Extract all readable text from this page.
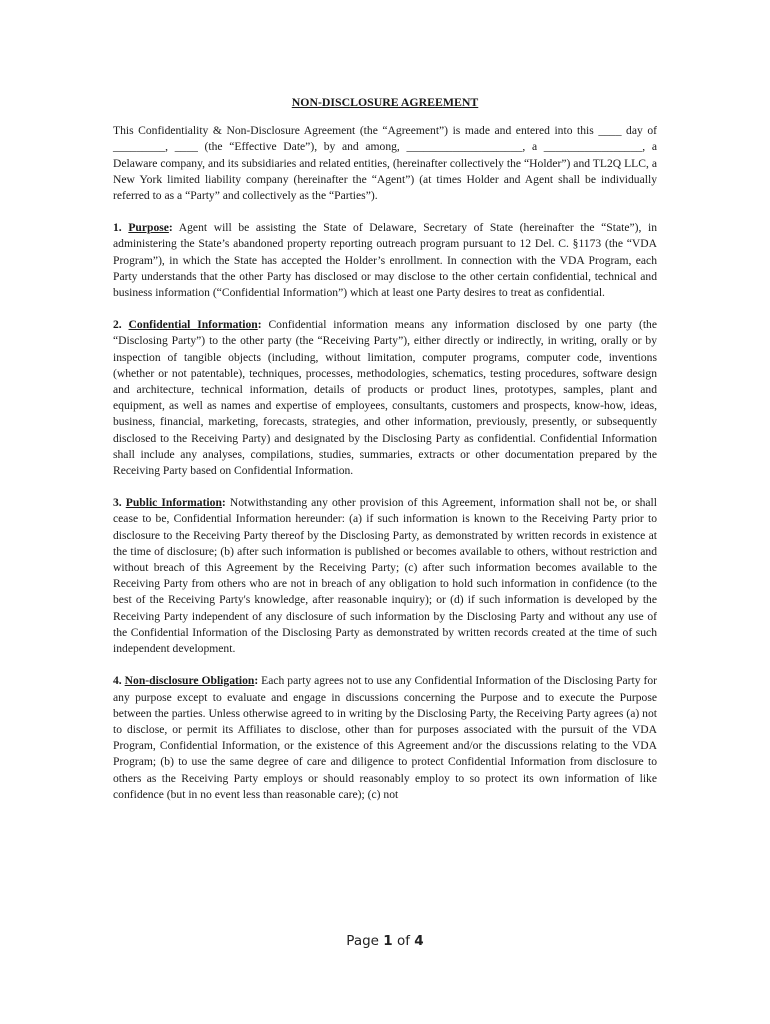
NON-DISCLOSURE AGREEMENT

This Confidentiality & Non-Disclosure Agreement (the “Agreement”) is made and entered into this ____ day of _________, ____ (the “Effective Date”), by and among, ____________________, a _________________, a Delaware company, and its subsidiaries and related entities, (hereinafter collectively the “Holder”) and TL2Q LLC, a New York limited liability company (hereinafter the “Agent”) (at times Holder and Agent shall be individually referred to as a “Party” and collectively as the “Parties”).

1. Purpose: Agent will be assisting the State of Delaware, Secretary of State (hereinafter the “State”), in administering the State’s abandoned property reporting outreach program pursuant to 12 Del. C. §1173 (the “VDA Program”), in which the State has accepted the Holder’s enrollment. In connection with the VDA Program, each Party understands that the other Party has disclosed or may disclose to the other certain confidential, technical and business information (“Confidential Information”) which at least one Party desires to treat as confidential.

2. Confidential Information: Confidential information means any information disclosed by one party (the “Disclosing Party”) to the other party (the “Receiving Party”), either directly or indirectly, in writing, orally or by inspection of tangible objects (including, without limitation, computer programs, computer code, inventions (whether or not patentable), techniques, processes, methodologies, schematics, testing procedures, software design and architecture, technical information, details of products or product lines, prototypes, samples, plant and equipment, as well as names and expertise of employees, consultants, customers and prospects, know-how, ideas, business, financial, marketing, forecasts, strategies, and other information, previously, presently, or subsequently disclosed to the Receiving Party) and designated by the Disclosing Party as confidential. Confidential Information shall include any analyses, compilations, studies, summaries, extracts or other documentation prepared by the Receiving Party based on Confidential Information.

3. Public Information: Notwithstanding any other provision of this Agreement, information shall not be, or shall cease to be, Confidential Information hereunder: (a) if such information is known to the Receiving Party prior to disclosure to the Receiving Party thereof by the Disclosing Party, as demonstrated by written records in existence at the time of disclosure; (b) after such information is published or becomes available to others, without restriction and without breach of this Agreement by the Receiving Party; (c) after such information becomes available to the Receiving Party from others who are not in breach of any obligation to hold such information in confidence (to the best of the Receiving Party's knowledge, after reasonable inquiry); or (d) if such information is developed by the Receiving Party independent of any disclosure of such information by the Disclosing Party and without any use of the Confidential Information of the Disclosing Party as demonstrated by written records created at the time of such independent development.

4. Non-disclosure Obligation: Each party agrees not to use any Confidential Information of the Disclosing Party for any purpose except to evaluate and engage in discussions concerning the Purpose and to execute the Purpose between the parties. Unless otherwise agreed to in writing by the Disclosing Party, the Receiving Party agrees (a) not to disclose, or permit its Affiliates to disclose, other than for purposes associated with the pursuit of the VDA Program, Confidential Information, or the existence of this Agreement and/or the discussions relating to the VDA Program; (b) to use the same degree of care and diligence to protect Confidential Information from disclosure to others as the Receiving Party employs or should reasonably employ to so protect its own information of like confidence (but in no event less than reasonable care); (c) not

Page 1 of 4
